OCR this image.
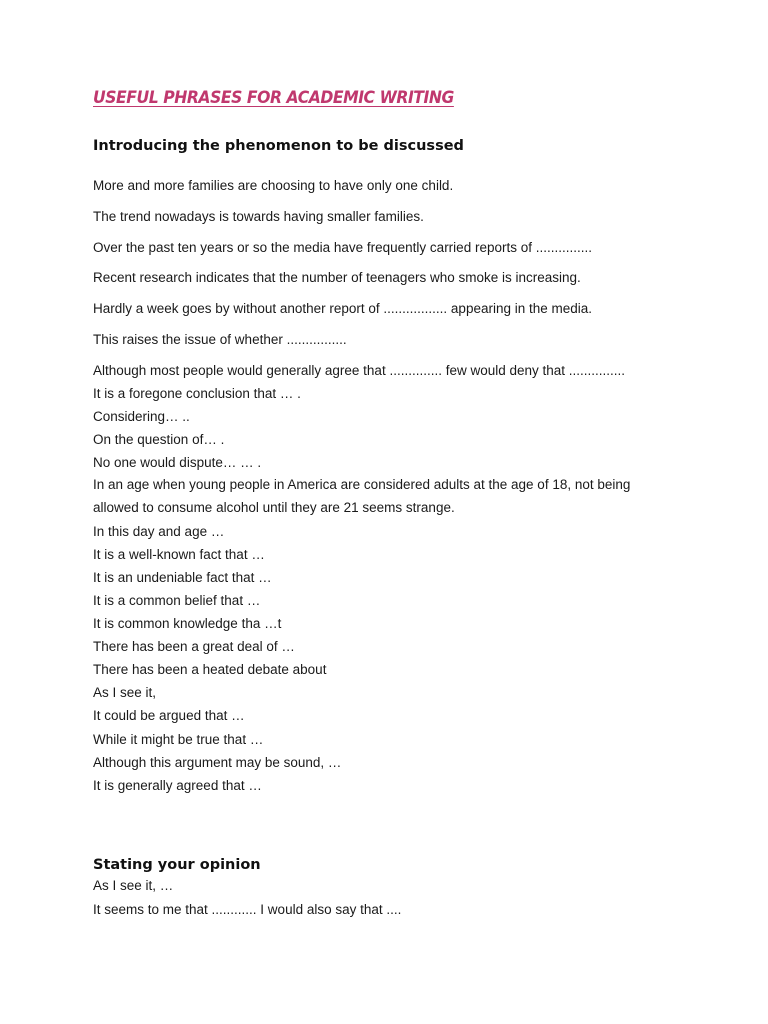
USEFUL PHRASES FOR ACADEMIC WRITING
Introducing the phenomenon to be discussed

More and more families are choosing to have only one child.

The trend nowadays is towards having smaller families.

Over the past ten years or so the media have frequently carried reports of ...............

Recent research indicates that the number of teenagers who smoke is increasing.

Hardly a week goes by without another report of ................. appearing in the media.

This raises the issue of whether ................

Although most people would generally agree that .............. few would deny that ...............

It is a foregone conclusion that … .

Considering… ..

On the question of… .

No one would dispute… … .

In an age when young people in America are considered adults at the age of 18, not being allowed to consume alcohol until they are 21 seems strange.

In this day and age …

It is a well-known fact that …

It is an undeniable fact that …

It is a common belief that …

It is common knowledge tha …t

There has been a great deal of …

There has been a heated debate about

As I see it,

It could be argued that …

While it might be true that …

Although this argument may be sound, …

It is generally agreed that …

Stating your opinion

As I see it, …

It seems to me that ............ I would also say that ....
